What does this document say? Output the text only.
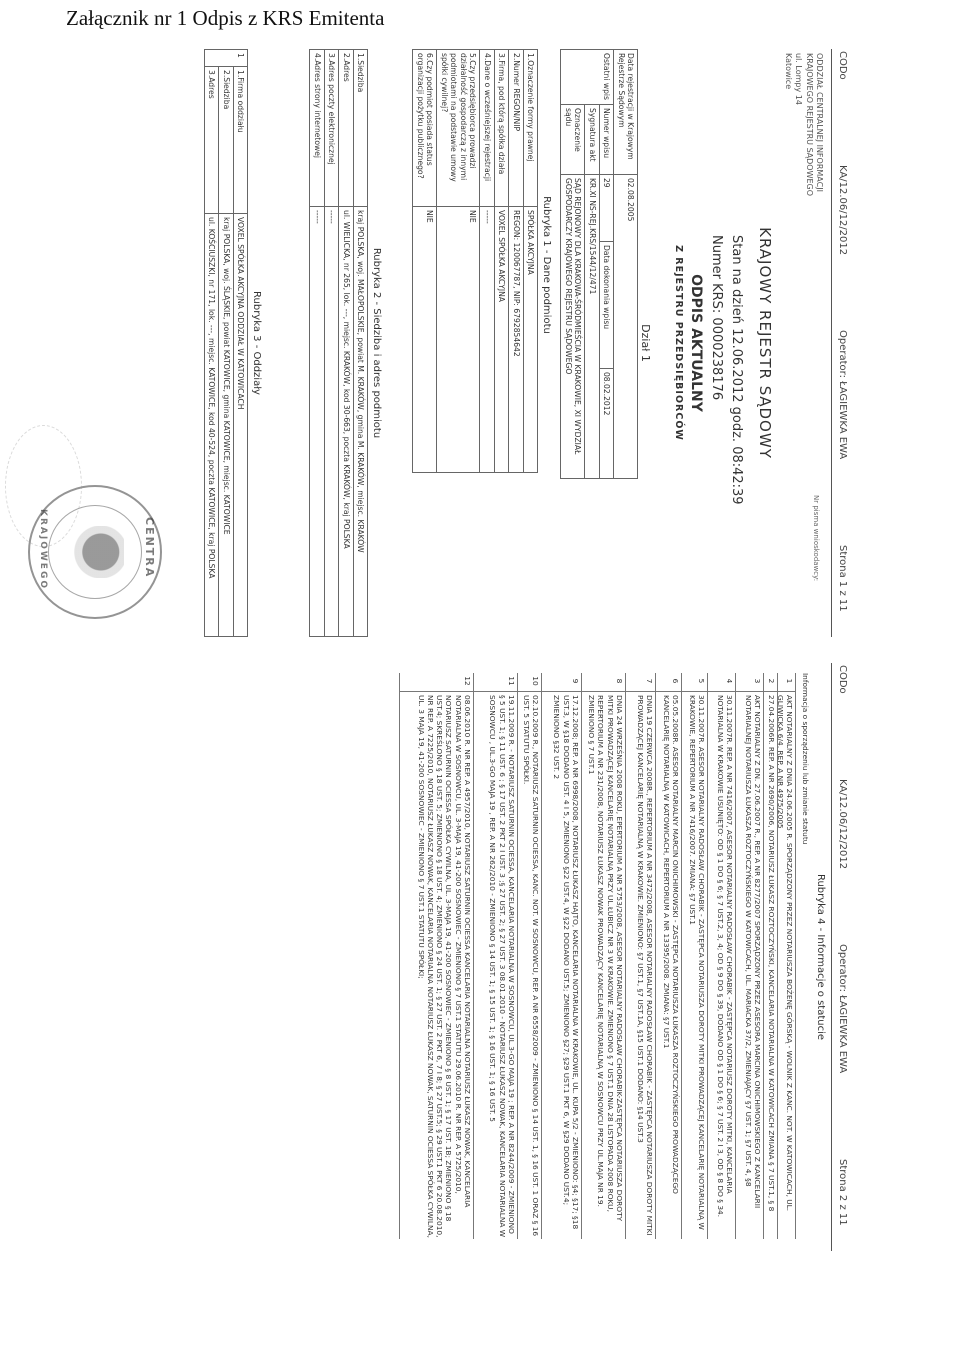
Załącznik nr 1 Odpis z KRS Emitenta
CODo
KA/12.06/12/2012
Operator: ŁAGIEWKA EWA
Strona 1 z 11
ODDZIAŁ CENTRALNEJ INFORMACJI
KRAJOWEGO REJESTRU SĄDOWEGO
ul. Lompy 14
Katowice
Nr pisma wnioskodawcy:
KRAJOWY REJESTR SĄDOWY
Stan na dzień 12.06.2012 godz. 08:42:39
Numer KRS: 0000238176
ODPIS AKTUALNY
Z REJESTRU PRZEDSIĘBIORCÓW
Dział 1
Data rejestracji w Krajowym Rejestrze Sądowym		02.08.2005		
Ostatni wpis	Numer wpisu	29	Data dokonania wpisu	08.02.2012
	Sygnatura akt	KR.XI NS-REJ.KRS/1544/12/471		
	Oznaczenie sądu	SĄD REJONOWY DLA KRAKOWA-ŚRÓDMIEŚCIA W KRAKOWIE, XI WYDZIAŁ GOSPODARCZY KRAJOWEGO REJESTRU SĄDOWEGO		
Rubryka 1 - Dane podmiotu
1.Oznaczenie formy prawnej	SPÓŁKA AKCYJNA
2.Numer REGON/NIP	REGON: 120067787, NIP: 6792854642
3.Firma, pod którą spółka działa	VOXEL SPÓŁKA AKCYJNA
4.Dane o wcześniejszej rejestracji	-----
5.Czy przedsiębiorca prowadzi działalność gospodarczą z innymi podmiotami na podstawie umowy spółki cywilnej?	NIE
6.Czy podmiot posiada status organizacji pożytku publicznego?	NIE
Rubryka 2 - Siedziba i adres podmiotu
1.Siedziba	kraj POLSKA, woj. MAŁOPOLSKIE, powiat M. KRAKÓW, gmina M. KRAKÓW, miejsc. KRAKÓW
2.Adres	ul. WIELICKA, nr 265, lok. ---, miejsc. KRAKÓW, kod 30-663, poczta KRAKÓW, kraj POLSKA
3.Adres poczty elektronicznej	-----
4.Adres strony internetowej	-----
Rubryka 3 - Oddziały
1	1.Firma oddziału	VOXEL SPÓŁKA AKCYJNA ODDZIAŁ W KATOWICACH
	2.Siedziba	kraj POLSKA, woj. ŚLĄSKIE, powiat KATOWICE, gmina KATOWICE, miejsc. KATOWICE
	3.Adres	ul. KOŚCIUSZKI, nr 171, lok. ---, miejsc. KATOWICE, kod 40-524, poczta KATOWICE, kraj POLSKA
CENTRA
KRAJOWEGO
CODo
KA/12.06/12/2012
Operator: ŁAGIEWKA EWA
Strona 2 z 11
Rubryka 4 - Informacje o statucie
Informacja o sporządzeniu lub zmianie statutu
1
AKT NOTARIALNY Z DNIA 24.06.2005 R. SPORZĄDZONY PRZEZ NOTARIUSZA BOŻENĘ GÓRSKĄ - WOLNIK Z KANC. NOT. W KATOWICACH, UL. GLIWICKA 6/4, REP. A NR 4975/2005
2
27.04.2006R. REP. A NR 2690/2006, NOTARIUSZ ŁUKASZ ROZTOCZYŃSKI, KANCELARIA NOTARIALNA W KATOWICACH ZMIANA § 7 UST.1, § 8
3
AKT NOTARIALNY Z DN. 27.06.2007 R., REP. A NR 8277/2007 SPORZĄDZONY PRZEZ ASESORA MARCINA ONICHIMOWSKIEGO Z KANCELARII NOTARIALNEJ NOTARIUSZA ŁUKASZA ROZTOCZYŃSKIEGO W KATOWICACH, UL. MARIACKA 37/2, ZMIENIAJĄCY §7 UST. 1; §7 UST. 4, §8
4
30.11.2007R. REP. A NR 7416/2007, ASESOR NOTARIALNY RADOSŁAW CHORABIK - ZASTĘPCA NOTARIUSZ DOROTY MITKI, KANCELARIA NOTARIALNA W KRAKOWIE USUNIĘTO: OD § 1 DO § 6; § 7 UST.2, 3, 4; OD § 9 DO § 39, DODANO OD § 1 DO § 6; § 7 UST. 2 I 3, OD § 8 DO § 34.
5
30.11.2007R. ASESOR NOTARIALNY RADOSŁAW CHORABIK - ZASTĘPCA NOTARIUSZA DOROTY MITKI PROWADZĄCEJ KANCELARIĘ NOTARIALNĄ W KRAKOWIE, REPERTORIUM A NR 7416/2007. ZMIANA: §7 UST.1
6
05.05.2008R. ASESOR NOTARIALNY MARCIN ONICHIMOWSKI - ZASTĘPCA NOTARIUSZA ŁUKASZA ROZTOCZYŃSKIEGO PROWADZĄCEGO KANCELARIĘ NOTARIALNĄ W KATOWICACH, REPERTORIUM A NR 13395/2008. ZMIANA: §7 UST.1
7
DNIA 19 CZERWCA 2008R., REPERTORIUM A NR 3472/2008, ASESOR NOTARIALNY RADOSŁAW CHORABIK - ZASTĘPCA NOTARIUSZA DOROTY MITKI PROWADZĄCEJ KANCELARIĘ NOTARIALNĄ W KRAKOWIE. ZMIENIONO: §7 UST.1, §7 UST.1A, §15 UST.1 DODANO: §14 UST.3
8
DNIA 24 WRZEŚNIA 2008 ROKU, EPERTORIUM A NR 5753/2008, ASESOR NOTARIALNY RADOSŁAW CHORABIK-ZASTĘPCA NOTARIUSZA DOROTY MITKI PROWADZĄCEJ KANCELARIĘ NOTARIALNĄ PRZY UL.ŁUBICZ NR 3 W KRAKOWIE. ZMIENIONO § 7 UST.1 DNIA 28 LISTOPADA 2008 ROKU, REPERTORIUM A NR 231/2008, NOTARIUSZ ŁUKASZ NOWAK PROWADZĄCY KANCELARIĘ NOTARIALNĄ W SOSNOWCU PRZY UL.MAJA NR 19. ZMIENIONO § 7 UST.1
9
17.12.2008; REP. A NR 6998/2008, NOTARIUSZ ŁUKASZ HAJTO, KANCELARIA NOTARIALNA W KRAKOWIE, UL. KUPA 5/2 - ZMIENIONO: §4; §17; §18 UST.3, W §18 DODANO UST. 4 I 5, ZMIENIONO §22 UST.4, W §22 DODANO UST.5; ZMIENIONO §27; §29 UST.1 PKT 6, W §29 DODANO UST.4; ZMIENIONO §32 UST. 2
10
02.10.2009 R., NOTARIUSZ SATURNIN OCIESSA, KANC. NOT. W SOSNOWCU, REP. A NR 6558/2009 - ZMIENIONO § 14 UST. 1, § 16 UST. 1 ORAZ § 16 UST. 5 STATUTU SPÓŁKI.
11
19.11.2009 R. - NOTARIUSZ SATURNIN OCIESSA, KANCELARIA NOTARIALNA W SOSNOWCU, UL.3-GO MAJA 19 ; REP. A NR 8244/2009 - ZMIENIONO § 5 UST. 1; § 11 UST. 6 ; § 17 UST. 2 PKT 2 I UST. 3 ;§ 27 UST. 2; § 27 UST. 3 08.01.2010 - NOTARIUSZ ŁUKASZ NOWAK, KANCELARIA NOTARIALNA W SOSNOWCU , UL.3-GO MAJA 19 , REP. A NR 262/2010 - ZMIENIONO § 14 UST. 1; § 15 UST. 1; § 16 UST. 1; § 16 UST. 5
12
08.06.2010 R. NR REP. A 4957/2010, NOTARIUSZ SATURNIN OCIESSA KANCELARIA NOTARIALNA NOTARIUSZ ŁUKASZ NOWAK, KANCELARIA NOTARIALNA W SOSNOWCU, UL. 3-MAJA 19, 41-200 SOSNOWIEC - ZMIENIONO § 7 UST.1 STATUTU 29.06.2010 R. NR REP. A 5725/2010, NOTARIUSZ SATURNIN OCIESSA SPÓŁKA CYWILNA, UL. 3-MAJA 19, 41-200 SOSNOWIEC - ZMIENIONO § 8 UST. 1; § 17 UST. 1B; ZMIENIONO § 18 UST.4; SKREŚLONO § 18 UST. 5; ZMIENIONO § 18 UST. 4; ZMIENIONO § 24 UST. 1; § 27 UST. 2 PKT 6, 7 I 8; § 27 UST.5; § 29 UST.1 PKT 6 20.08.2010, NR REP. A 7225/2010, NOTARIUSZ ŁUKASZ NOWAK, KANCELARIA NOTARIALNA NOTARIUSZ ŁUKASZ NOWAK, SATURNIN OCIESSA SPÓŁKA CYWILNA, UL. 3 MAJA 19, 41-200 SOSNOWIEC - ZMIENIONO § 7 UST.1 STATUTU SPÓŁKI;
